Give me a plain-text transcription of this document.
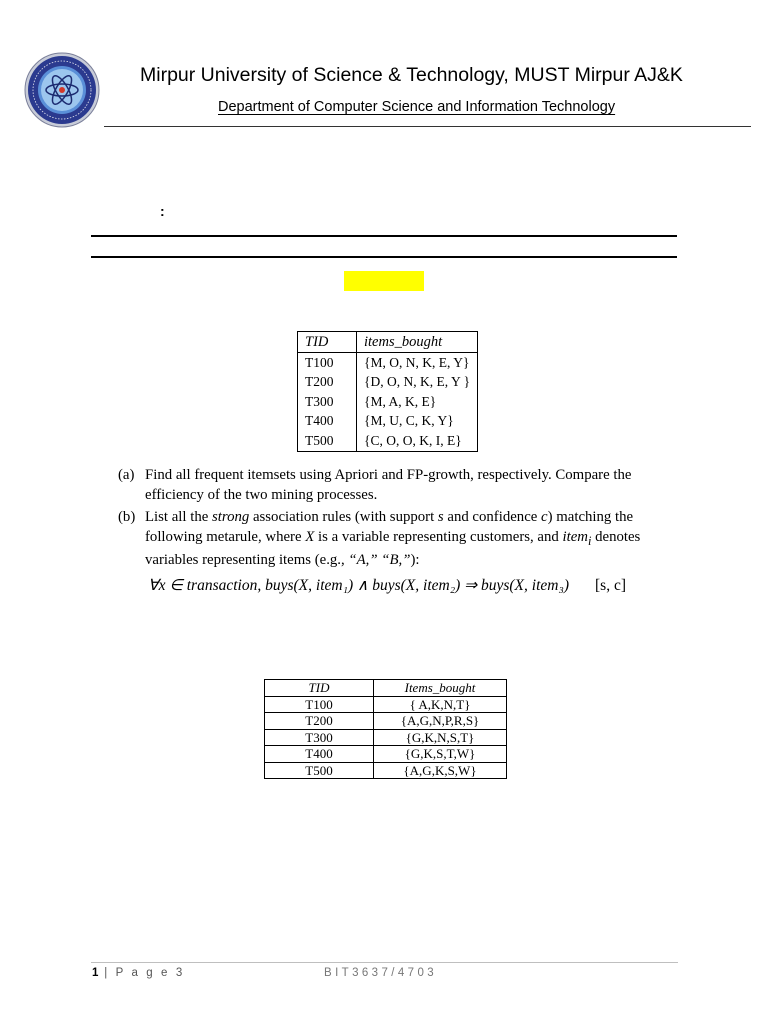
Mirpur University of Science & Technology, MUST Mirpur AJ&K
Department of Computer Science and Information Technology
:
TID	items_bought
T100	{M, O, N, K, E, Y}
T200	{D, O, N, K, E, Y }
T300	{M, A, K, E}
T400	{M, U, C, K, Y}
T500	{C, O, O, K, I, E}
(a) Find all frequent itemsets using Apriori and FP-growth, respectively. Compare the efficiency of the two mining processes.
(b) List all the strong association rules (with support s and confidence c) matching the following metarule, where X is a variable representing customers, and item$_i$ denotes variables representing items (e.g., “A,” “B,”):
∀x ∈ transaction, buys(X, item₁) ∧ buys(X, item₂) ⇒ buys(X, item₃) [s, c]
TID	Items_bought
T100	{ A,K,N,T}
T200	{A,G,N,P,R,S}
T300	{G,K,N,S,T}
T400	{G,K,S,T,W}
T500	{A,G,K,S,W}
1 | P a g e 3	BIT3637/4703
